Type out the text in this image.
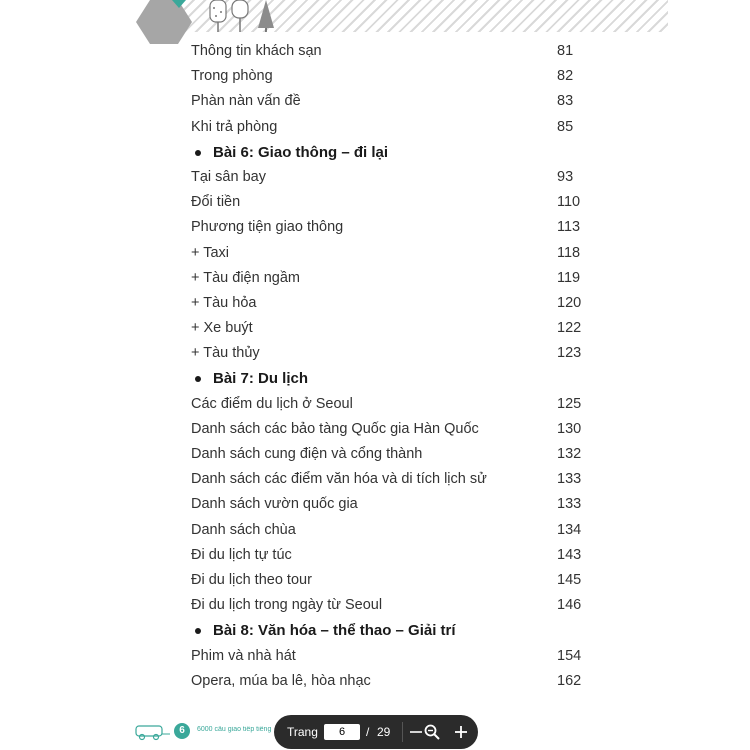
Thông tin khách sạn	81
Trong phòng	82
Phàn nàn vấn đề	83
Khi trả phòng	85
Bài 6: Giao thông – đi lại
Tại sân bay	93
Đổi tiền	110
Phương tiện giao thông	113
+ Taxi	118
+ Tàu điện ngầm	119
+ Tàu hỏa	120
+ Xe buýt	122
+ Tàu thủy	123
Bài 7: Du lịch
Các điểm du lịch ở Seoul	125
Danh sách các bảo tàng Quốc gia Hàn Quốc	130
Danh sách cung điện và cổng thành	132
Danh sách các điểm văn hóa và di tích lịch sử	133
Danh sách vườn quốc gia	133
Danh sách chùa	134
Đi du lịch tự túc	143
Đi du lịch theo tour	145
Đi du lịch trong ngày từ Seoul	146
Bài 8: Văn hóa – thể thao – Giải trí
Phim và nhà hát	154
Opera, múa ba lê, hòa nhạc	162
6	6000 câu giao tiếp tiếng	Trang	6	/ 29
